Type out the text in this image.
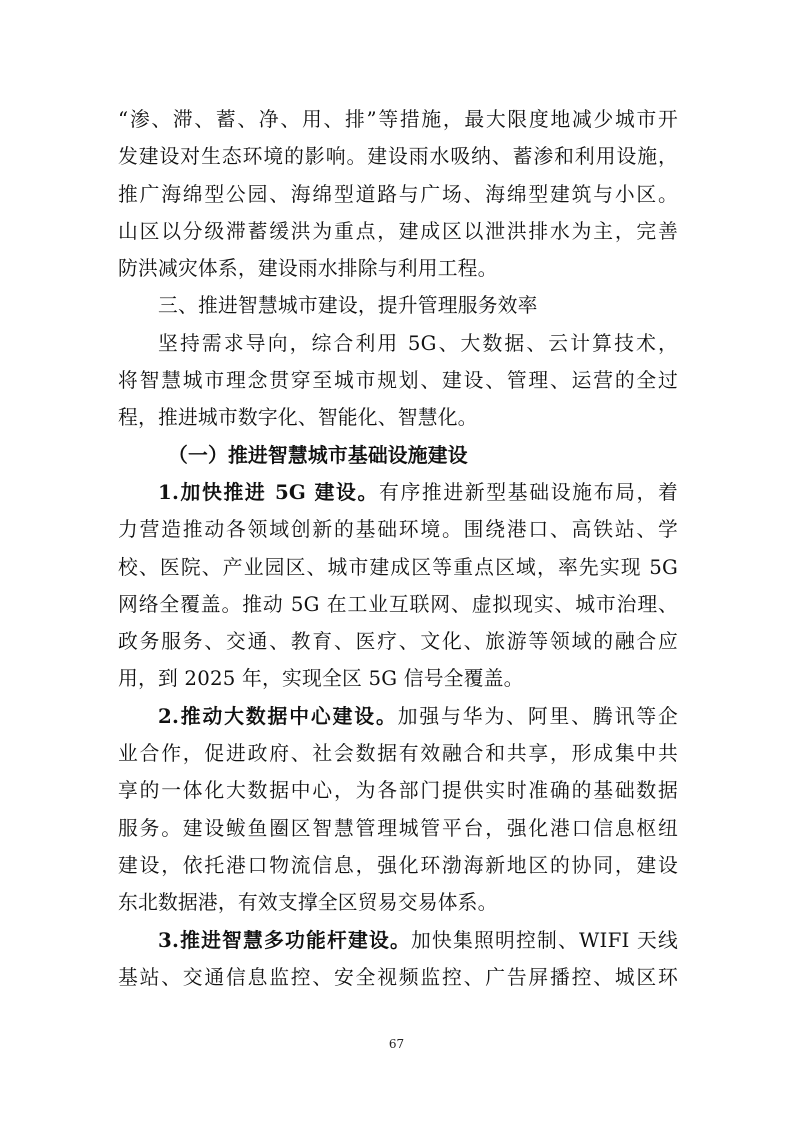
“渗、滞、蓄、净、用、排”等措施，最大限度地减少城市开
发建设对生态环境的影响。建设雨水吸纳、蓄渗和利用设施，
推广海绵型公园、海绵型道路与广场、海绵型建筑与小区。
山区以分级滞蓄缓洪为重点，建成区以泄洪排水为主，完善
防洪减灾体系，建设雨水排除与利用工程。
三、推进智慧城市建设，提升管理服务效率
坚持需求导向，综合利用 5G、大数据、云计算技术，
将智慧城市理念贯穿至城市规划、建设、管理、运营的全过
程，推进城市数字化、智能化、智慧化。
（一）推进智慧城市基础设施建设
1.加快推进 5G 建设。有序推进新型基础设施布局，着
力营造推动各领域创新的基础环境。围绕港口、高铁站、学
校、医院、产业园区、城市建成区等重点区域，率先实现 5G
网络全覆盖。推动 5G 在工业互联网、虚拟现实、城市治理、
政务服务、交通、教育、医疗、文化、旅游等领域的融合应
用，到 2025 年，实现全区 5G 信号全覆盖。
2.推动大数据中心建设。加强与华为、阿里、腾讯等企
业合作，促进政府、社会数据有效融合和共享，形成集中共
享的一体化大数据中心，为各部门提供实时准确的基础数据
服务。建设鲅鱼圈区智慧管理城管平台，强化港口信息枢纽
建设，依托港口物流信息，强化环渤海新地区的协同，建设
东北数据港，有效支撑全区贸易交易体系。
3.推进智慧多功能杆建设。加快集照明控制、WIFI 天线
基站、交通信息监控、安全视频监控、广告屏播控、城区环
67
